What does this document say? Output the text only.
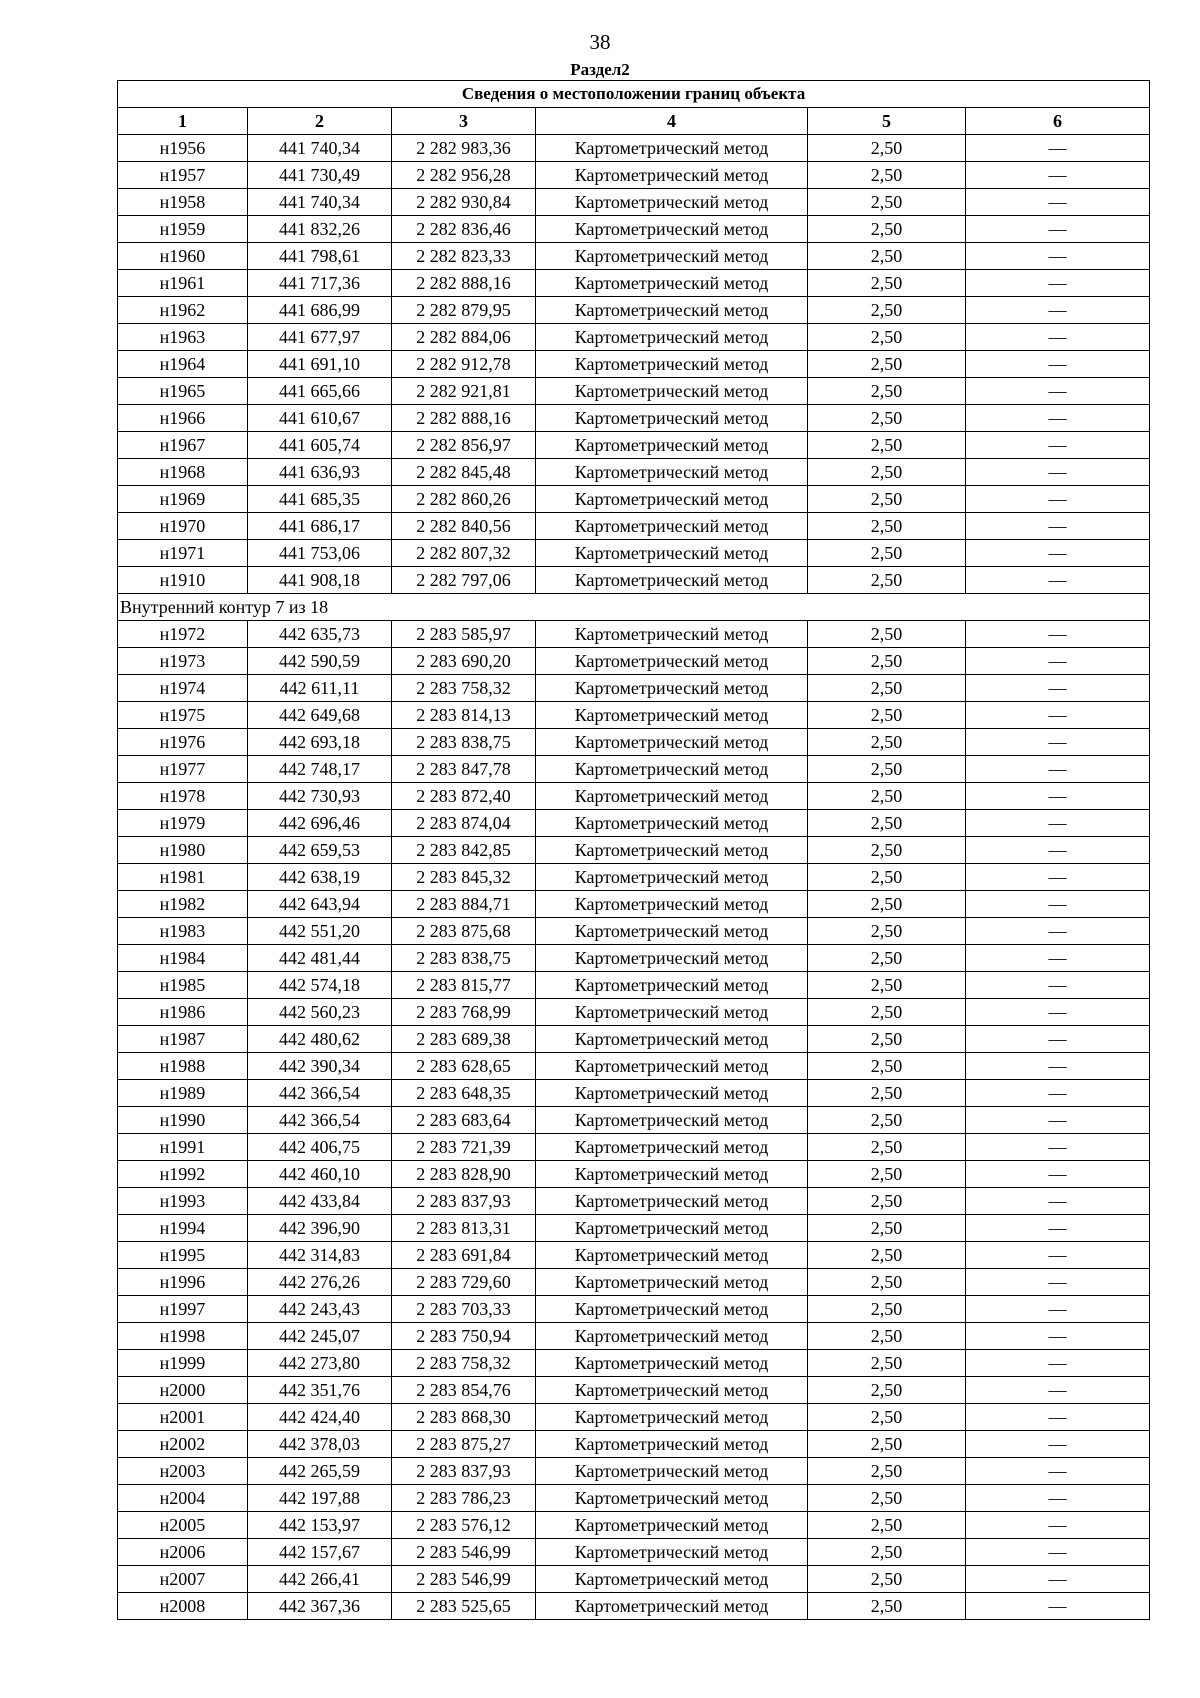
38
Раздел2
Сведения о местоположении границ объекта					
1	2	3	4	5	6
н1956	441 740,34	2 282 983,36	Картометрический метод	2,50	—
н1957	441 730,49	2 282 956,28	Картометрический метод	2,50	—
н1958	441 740,34	2 282 930,84	Картометрический метод	2,50	—
н1959	441 832,26	2 282 836,46	Картометрический метод	2,50	—
н1960	441 798,61	2 282 823,33	Картометрический метод	2,50	—
н1961	441 717,36	2 282 888,16	Картометрический метод	2,50	—
н1962	441 686,99	2 282 879,95	Картометрический метод	2,50	—
н1963	441 677,97	2 282 884,06	Картометрический метод	2,50	—
н1964	441 691,10	2 282 912,78	Картометрический метод	2,50	—
н1965	441 665,66	2 282 921,81	Картометрический метод	2,50	—
н1966	441 610,67	2 282 888,16	Картометрический метод	2,50	—
н1967	441 605,74	2 282 856,97	Картометрический метод	2,50	—
н1968	441 636,93	2 282 845,48	Картометрический метод	2,50	—
н1969	441 685,35	2 282 860,26	Картометрический метод	2,50	—
н1970	441 686,17	2 282 840,56	Картометрический метод	2,50	—
н1971	441 753,06	2 282 807,32	Картометрический метод	2,50	—
н1910	441 908,18	2 282 797,06	Картометрический метод	2,50	—
Внутренний контур 7 из 18					
н1972	442 635,73	2 283 585,97	Картометрический метод	2,50	—
н1973	442 590,59	2 283 690,20	Картометрический метод	2,50	—
н1974	442 611,11	2 283 758,32	Картометрический метод	2,50	—
н1975	442 649,68	2 283 814,13	Картометрический метод	2,50	—
н1976	442 693,18	2 283 838,75	Картометрический метод	2,50	—
н1977	442 748,17	2 283 847,78	Картометрический метод	2,50	—
н1978	442 730,93	2 283 872,40	Картометрический метод	2,50	—
н1979	442 696,46	2 283 874,04	Картометрический метод	2,50	—
н1980	442 659,53	2 283 842,85	Картометрический метод	2,50	—
н1981	442 638,19	2 283 845,32	Картометрический метод	2,50	—
н1982	442 643,94	2 283 884,71	Картометрический метод	2,50	—
н1983	442 551,20	2 283 875,68	Картометрический метод	2,50	—
н1984	442 481,44	2 283 838,75	Картометрический метод	2,50	—
н1985	442 574,18	2 283 815,77	Картометрический метод	2,50	—
н1986	442 560,23	2 283 768,99	Картометрический метод	2,50	—
н1987	442 480,62	2 283 689,38	Картометрический метод	2,50	—
н1988	442 390,34	2 283 628,65	Картометрический метод	2,50	—
н1989	442 366,54	2 283 648,35	Картометрический метод	2,50	—
н1990	442 366,54	2 283 683,64	Картометрический метод	2,50	—
н1991	442 406,75	2 283 721,39	Картометрический метод	2,50	—
н1992	442 460,10	2 283 828,90	Картометрический метод	2,50	—
н1993	442 433,84	2 283 837,93	Картометрический метод	2,50	—
н1994	442 396,90	2 283 813,31	Картометрический метод	2,50	—
н1995	442 314,83	2 283 691,84	Картометрический метод	2,50	—
н1996	442 276,26	2 283 729,60	Картометрический метод	2,50	—
н1997	442 243,43	2 283 703,33	Картометрический метод	2,50	—
н1998	442 245,07	2 283 750,94	Картометрический метод	2,50	—
н1999	442 273,80	2 283 758,32	Картометрический метод	2,50	—
н2000	442 351,76	2 283 854,76	Картометрический метод	2,50	—
н2001	442 424,40	2 283 868,30	Картометрический метод	2,50	—
н2002	442 378,03	2 283 875,27	Картометрический метод	2,50	—
н2003	442 265,59	2 283 837,93	Картометрический метод	2,50	—
н2004	442 197,88	2 283 786,23	Картометрический метод	2,50	—
н2005	442 153,97	2 283 576,12	Картометрический метод	2,50	—
н2006	442 157,67	2 283 546,99	Картометрический метод	2,50	—
н2007	442 266,41	2 283 546,99	Картометрический метод	2,50	—
н2008	442 367,36	2 283 525,65	Картометрический метод	2,50	—
